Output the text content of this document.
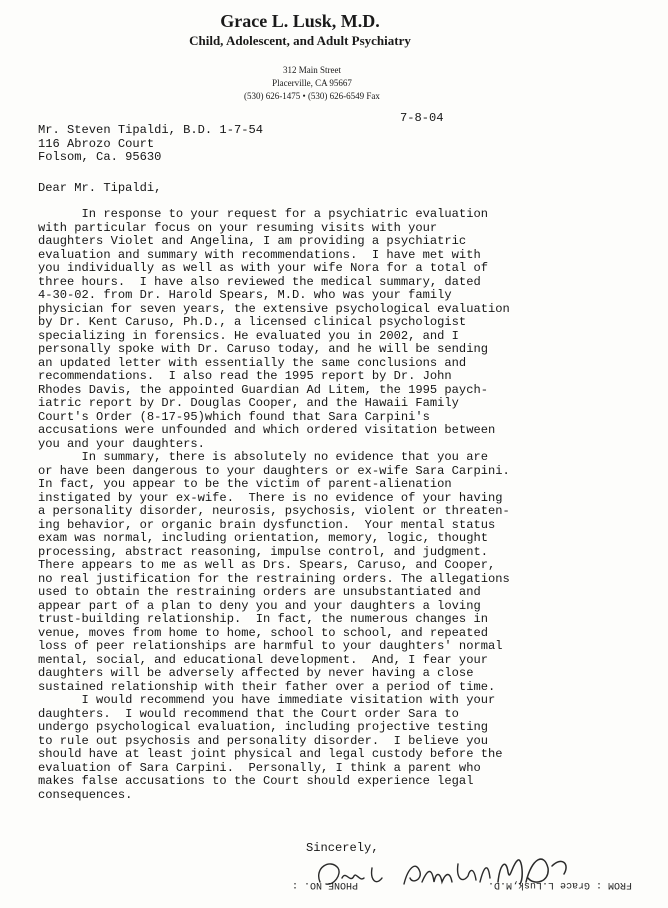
Grace L. Lusk, M.D.
Child, Adolescent, and Adult Psychiatry
312 Main Street
Placerville, CA 95667
(530) 626-1475 • (530) 626-6549 Fax
7-8-04
Mr. Steven Tipaldi, B.D. 1-7-54
116 Abrozo Court
Folsom, Ca. 95630
Dear Mr. Tipaldi,
In response to your request for a psychiatric evaluation
with particular focus on your resuming visits with your
daughters Violet and Angelina, I am providing a psychiatric
evaluation and summary with recommendations.  I have met with
you individually as well as with your wife Nora for a total of
three hours.  I have also reviewed the medical summary, dated
4-30-02. from Dr. Harold Spears, M.D. who was your family
physician for seven years, the extensive psychological evaluation
by Dr. Kent Caruso, Ph.D., a licensed clinical psychologist
specializing in forensics. He evaluated you in 2002, and I
personally spoke with Dr. Caruso today, and he will be sending
an updated letter with essentially the same conclusions and
recommendations.  I also read the 1995 report by Dr. John
Rhodes Davis, the appointed Guardian Ad Litem, the 1995 paych-
iatric report by Dr. Douglas Cooper, and the Hawaii Family
Court's Order (8-17-95)which found that Sara Carpini's
accusations were unfounded and which ordered visitation between
you and your daughters.
In summary, there is absolutely no evidence that you are
or have been dangerous to your daughters or ex-wife Sara Carpini.
In fact, you appear to be the victim of parent-alienation
instigated by your ex-wife.  There is no evidence of your having
a personality disorder, neurosis, psychosis, violent or threaten-
ing behavior, or organic brain dysfunction.  Your mental status
exam was normal, including orientation, memory, logic, thought
processing, abstract reasoning, impulse control, and judgment.
There appears to me as well as Drs. Spears, Caruso, and Cooper,
no real justification for the restraining orders. The allegations
used to obtain the restraining orders are unsubstantiated and
appear part of a plan to deny you and your daughters a loving
trust-building relationship.  In fact, the numerous changes in
venue, moves from home to home, school to school, and repeated
loss of peer relationships are harmful to your daughters' normal
mental, social, and educational development.  And, I fear your
daughters will be adversely affected by never having a close
sustained relationship with their father over a period of time.
I would recommend you have immediate visitation with your
daughters.  I would recommend that the Court order Sara to
undergo psychological evaluation, including projective testing
to rule out psychosis and personality disorder.  I believe you
should have at least joint physical and legal custody before the
evaluation of Sara Carpini.  Personally, I think a parent who
makes false accusations to the Court should experience legal
consequences.
Sincerely,
PHONE NO. :	FROM : Grace L.Lusk,M.D.
